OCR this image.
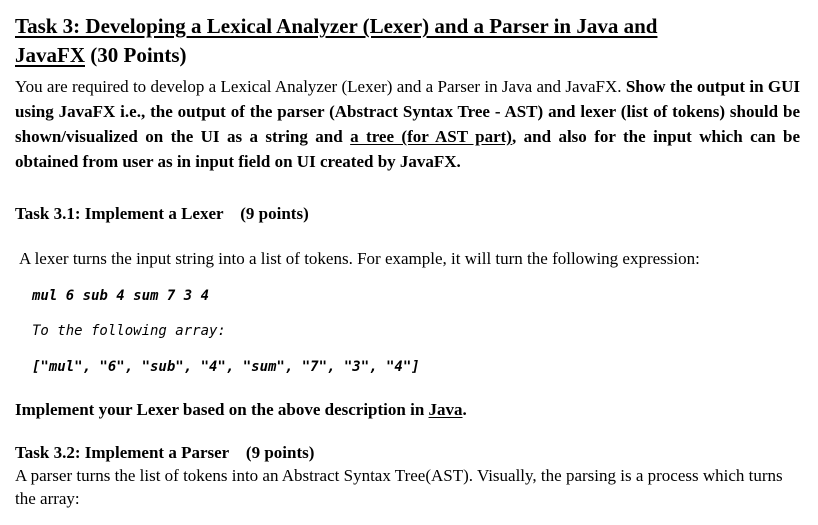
Task 3: Developing a Lexical Analyzer (Lexer) and a Parser in Java and
JavaFX (30 Points)

You are required to develop a Lexical Analyzer (Lexer) and a Parser in Java and JavaFX. Show the output in GUI using JavaFX i.e., the output of the parser (Abstract Syntax Tree - AST) and lexer (list of tokens) should be shown/visualized on the UI as a string and a tree (for AST part), and also for the input which can be obtained from user as in input field on UI created by JavaFX.

Task 3.1: Implement a Lexer    (9 points)

A lexer turns the input string into a list of tokens. For example, it will turn the following expression:

mul 6 sub 4 sum 7 3 4

To the following array:

["mul", "6", "sub", "4", "sum", "7", "3", "4"]

Implement your Lexer based on the above description in Java.

Task 3.2: Implement a Parser    (9 points)

A parser turns the list of tokens into an Abstract Syntax Tree(AST). Visually, the parsing is a process which turns the array:
